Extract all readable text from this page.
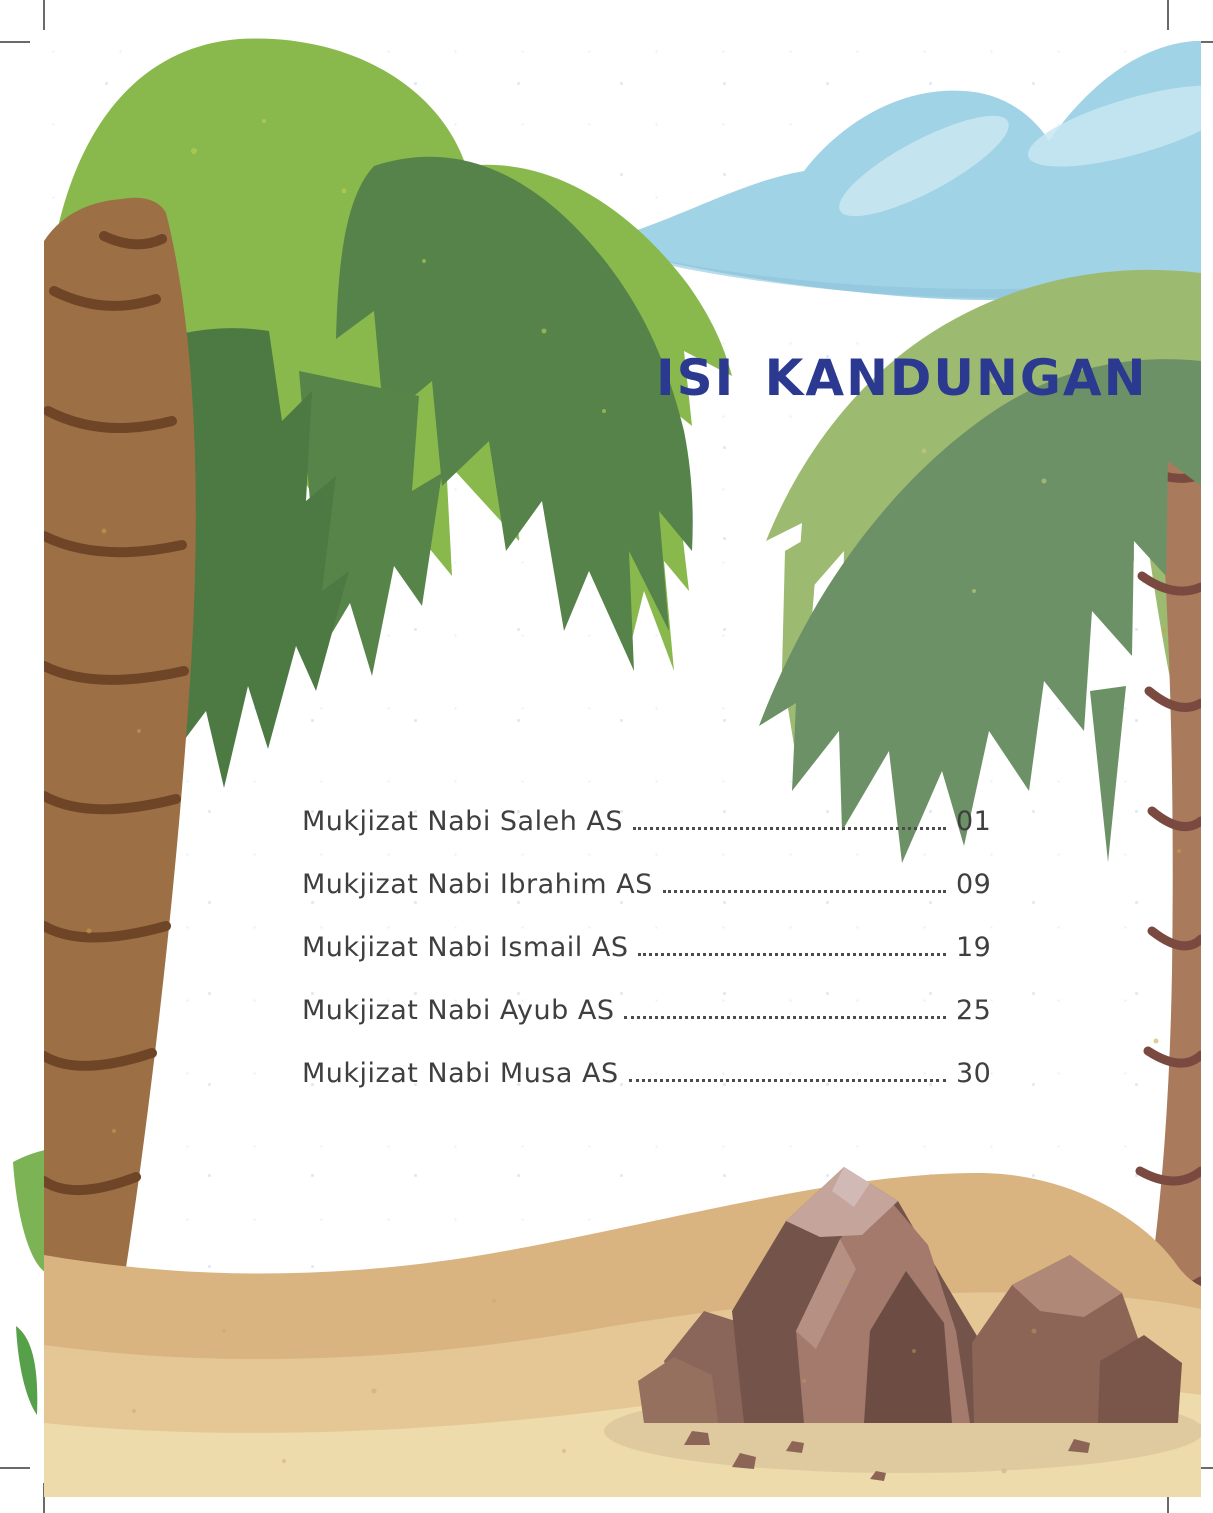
ISI KANDUNGAN
Mukjizat Nabi Saleh AS	01
Mukjizat Nabi Ibrahim AS	09
Mukjizat Nabi Ismail AS	19
Mukjizat Nabi Ayub AS	25
Mukjizat Nabi Musa AS	30
